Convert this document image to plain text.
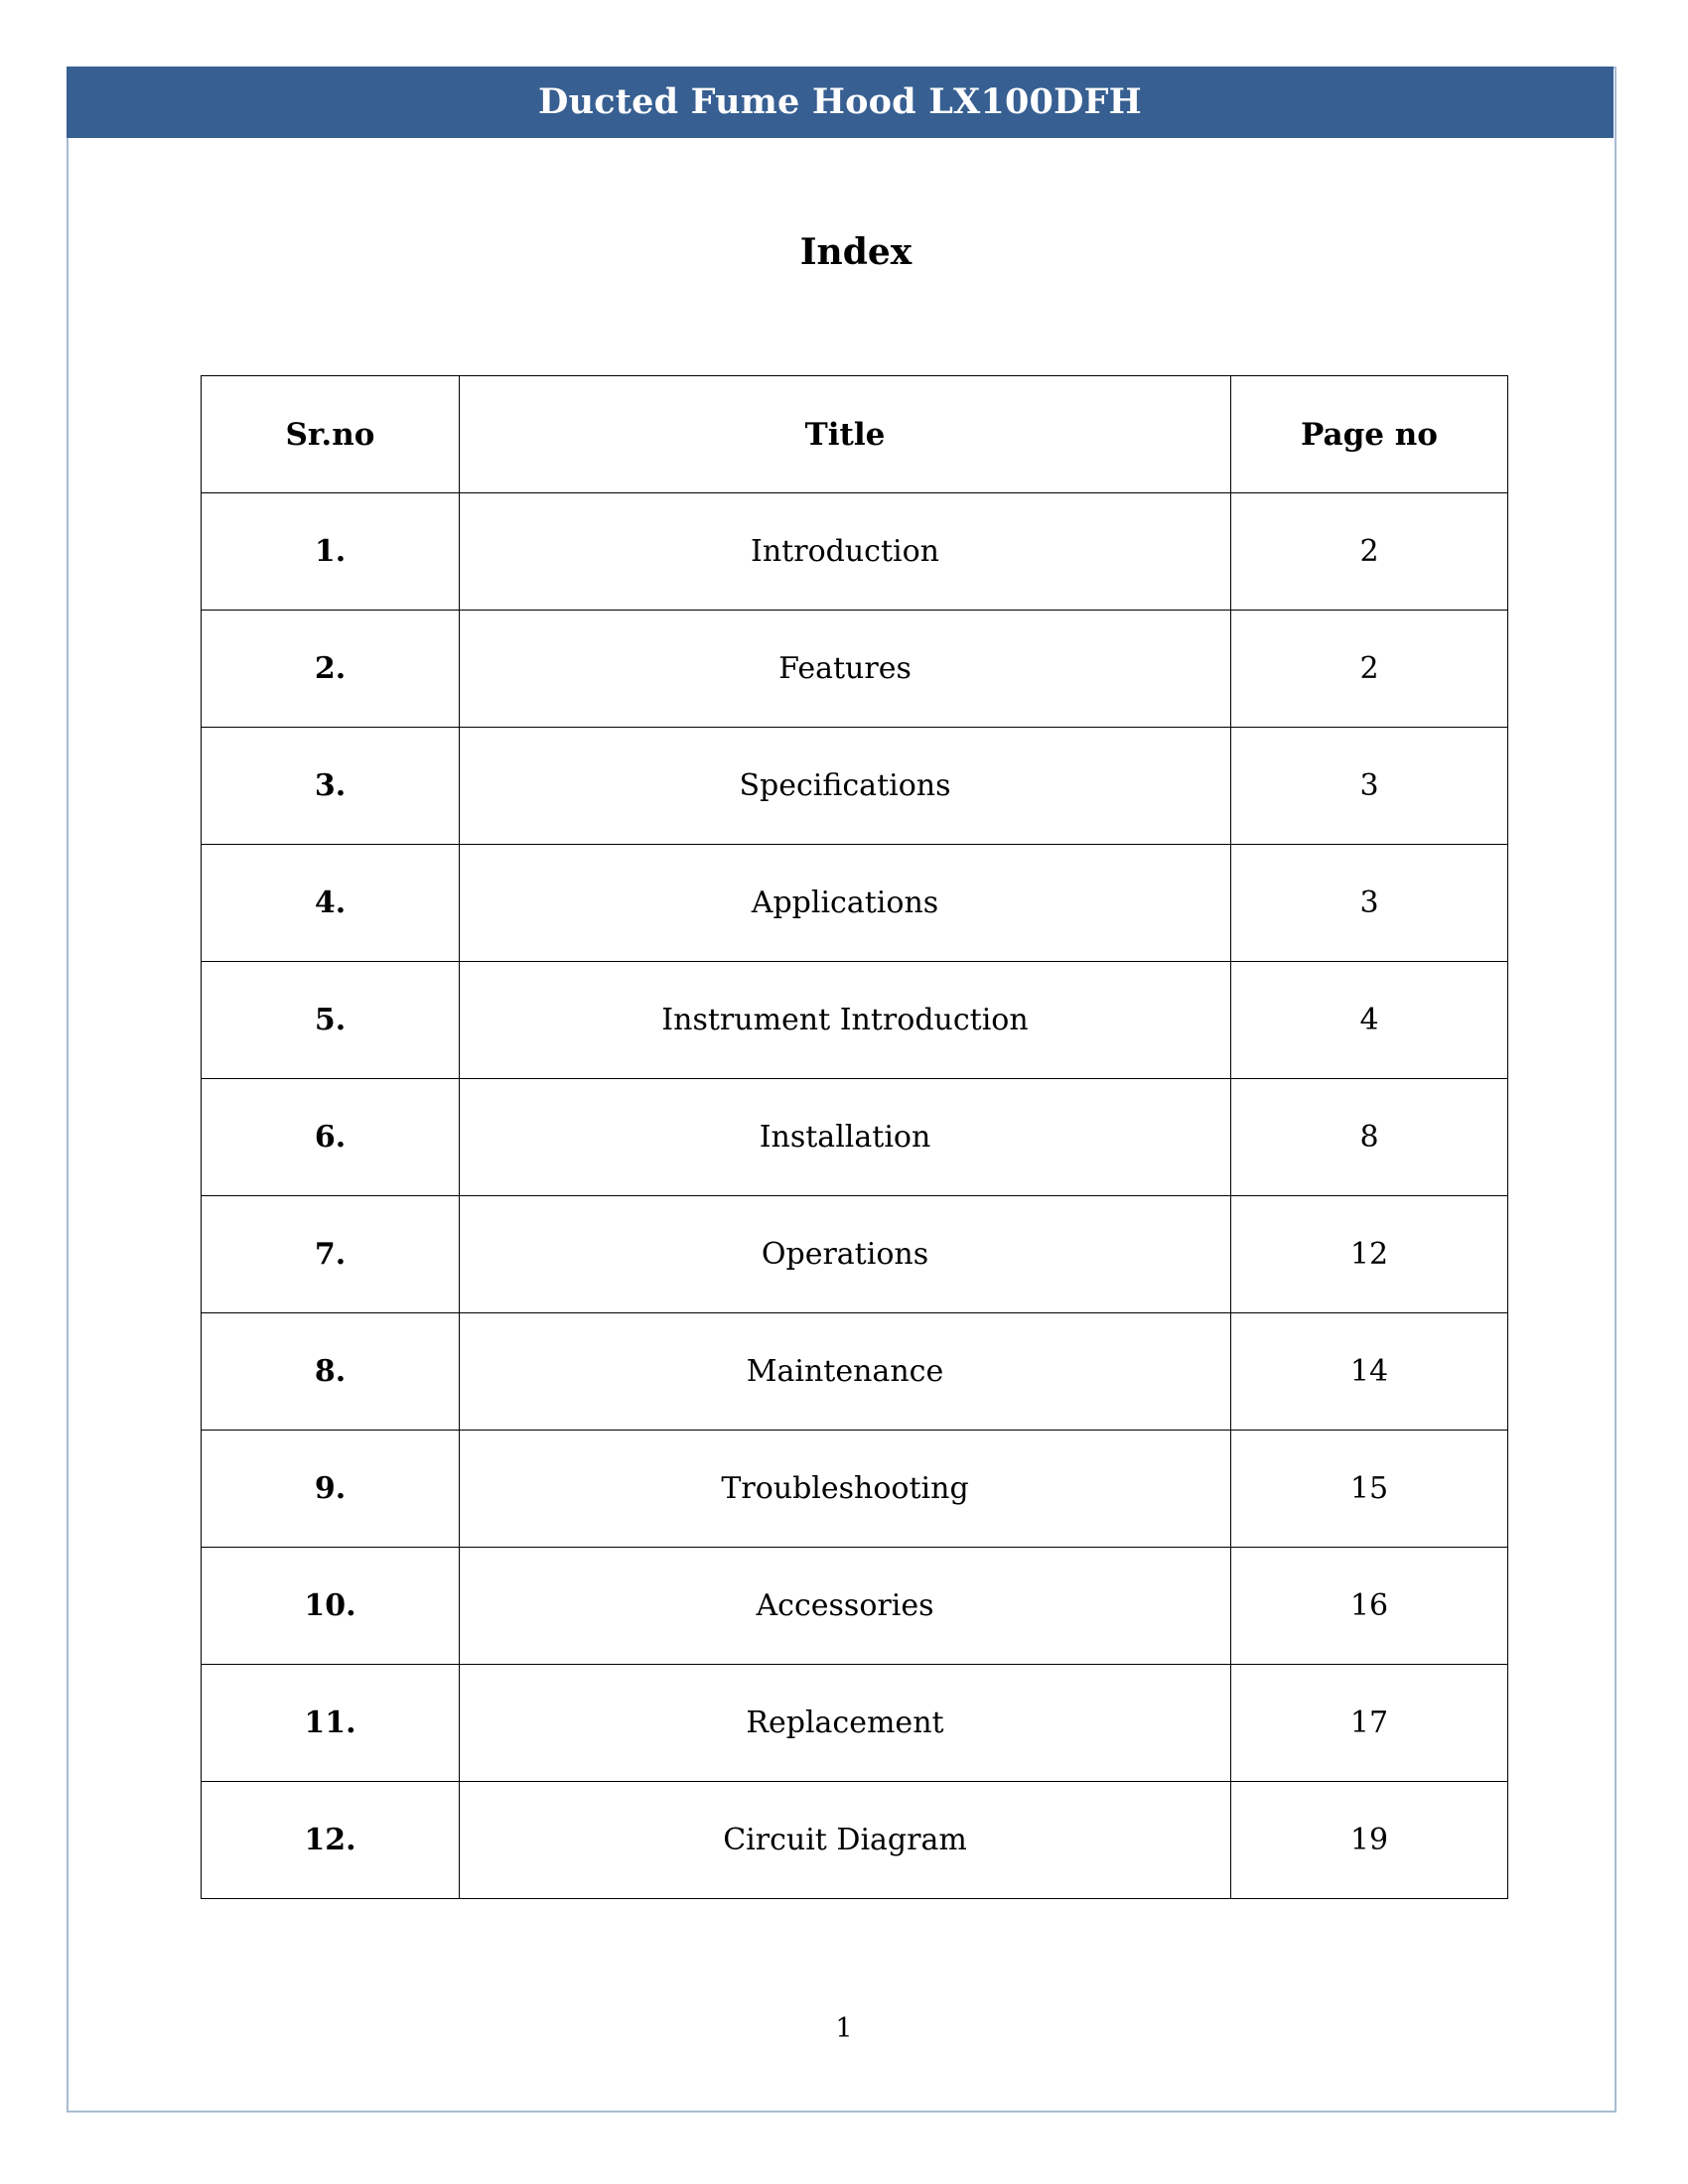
Ducted Fume Hood LX100DFH
Index
Sr.no	Title	Page no
1.	Introduction	2
2.	Features	2
3.	Specifications	3
4.	Applications	3
5.	Instrument Introduction	4
6.	Installation	8
7.	Operations	12
8.	Maintenance	14
9.	Troubleshooting	15
10.	Accessories	16
11.	Replacement	17
12.	Circuit Diagram	19
1
